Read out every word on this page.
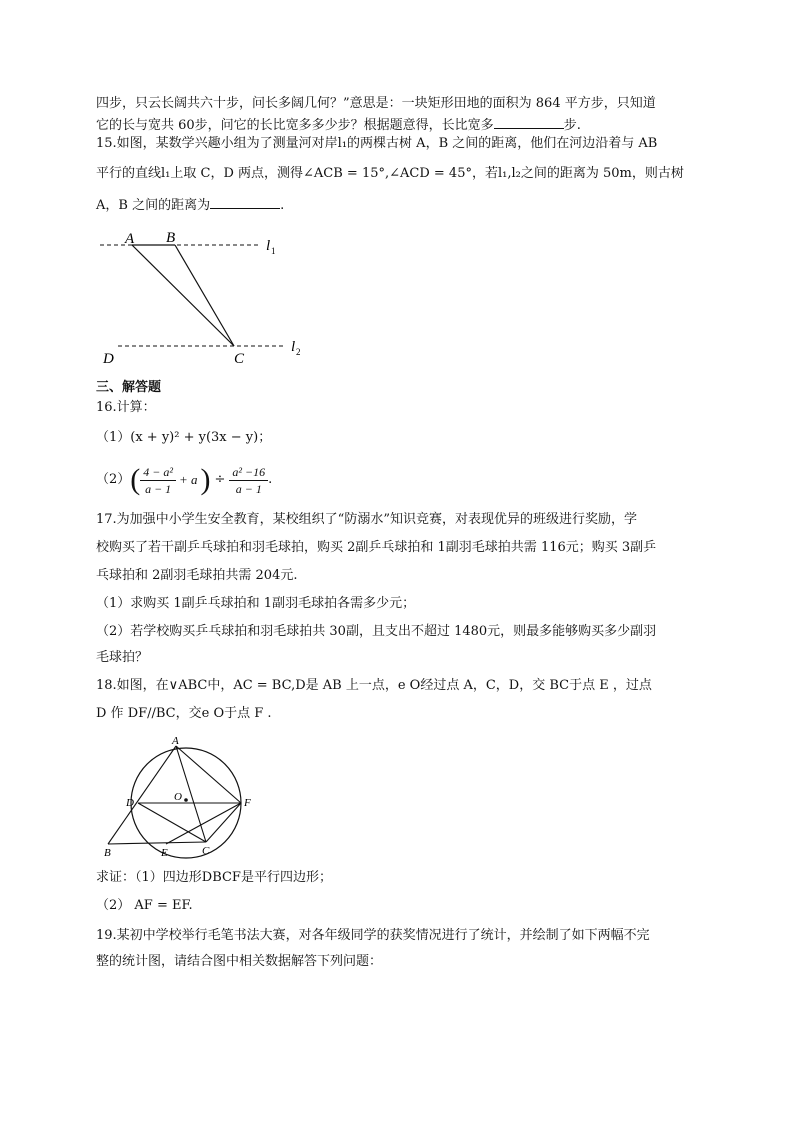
四步，只云长阔共六十步，问长多阔几何？”意思是：一块矩形田地的面积为 864 平方步，只知道
它的长与宽共 60步，问它的长比宽多多少步？根据题意得，长比宽多	步.
15.如图，某数学兴趣小组为了测量河对岸l₁的两棵古树 A，B 之间的距离，他们在河边沿着与 AB
平行的直线l₁上取 C，D 两点，测得∠ACB = 15°,∠ACD = 45°，若l₁,l₂之间的距离为 50m，则古树
A，B 之间的距离为	.
A B	l 1
l 2
D	C
三、解答题
16.计算：
（1）(x + y)² + y(3x − y)；
（2） ( $\frac{\text{4 − a²}}{a - 1} + a$ ) ÷ $\frac{\text{a² −16}}{a - 1}$ .
17.为加强中小学生安全教育，某校组织了“防溺水”知识竞赛，对表现优异的班级进行奖励，学
校购买了若干副乒乓球拍和羽毛球拍，购买 2副乒乓球拍和 1副羽毛球拍共需 116元；购买 3副乒
乓球拍和 2副羽毛球拍共需 204元.
（1）求购买 1副乒乓球拍和 1副羽毛球拍各需多少元；
（2）若学校购买乒乓球拍和羽毛球拍共 30副，且支出不超过 1480元，则最多能够购买多少副羽
毛球拍？
18.如图，在∨ABC中，AC = BC,D是 AB 上一点，e O经过点 A，C，D，交 BC于点 E ，过点
D 作 DF//BC，交e O于点 F .
A
D	O	F
B	E	C
求证：（1）四边形DBCF是平行四边形；
（2） AF = EF.
19.某初中学校举行毛笔书法大赛，对各年级同学的获奖情况进行了统计，并绘制了如下两幅不完
整的统计图，请结合图中相关数据解答下列问题：
